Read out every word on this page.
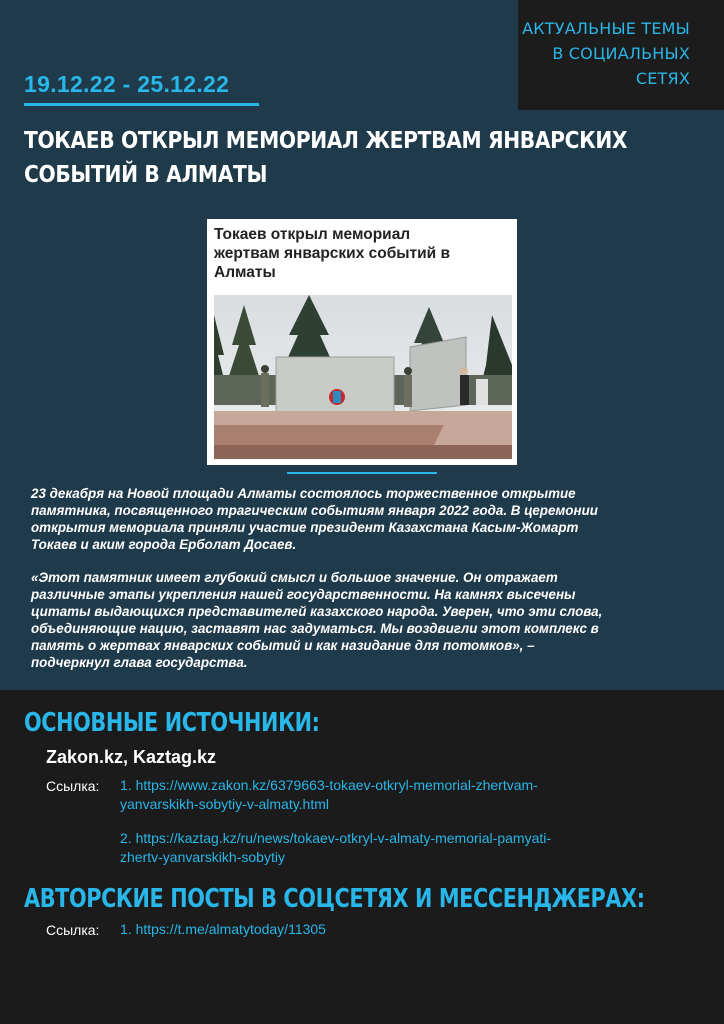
АКТУАЛЬНЫЕ ТЕМЫ
В СОЦИАЛЬНЫХ
СЕТЯХ
19.12.22 - 25.12.22
ТОКАЕВ ОТКРЫЛ МЕМОРИАЛ ЖЕРТВАМ ЯНВАРСКИХ
СОБЫТИЙ В АЛМАТЫ
Токаев открыл мемориал
жертвам январских событий в
Алматы
23 декабря на Новой площади Алматы состоялось торжественное открытие
памятника, посвященного трагическим событиям января 2022 года. В церемонии
открытия мемориала приняли участие президент Казахстана Касым-Жомарт
Токаев и аким города Ерболат Досаев.
«Этот памятник имеет глубокий смысл и большое значение. Он отражает
различные этапы укрепления нашей государственности. На камнях высечены
цитаты выдающихся представителей казахского народа. Уверен, что эти слова,
объединяющие нацию, заставят нас задуматься. Мы воздвигли этот комплекс в
память о жертвах январских событий и как назидание для потомков», –
подчеркнул глава государства.
ОСНОВНЫЕ ИСТОЧНИКИ:
Zakon.kz, Kaztag.kz
Ссылка: 1. https://www.zakon.kz/6379663-tokaev-otkryl-memorial-zhertvam-
yanvarskikh-sobytiy-v-almaty.html
2. https://kaztag.kz/ru/news/tokaev-otkryl-v-almaty-memorial-pamyati-
zhertv-yanvarskikh-sobytiy
АВТОРСКИЕ ПОСТЫ В СОЦСЕТЯХ И МЕССЕНДЖЕРАХ:
Ссылка: 1. https://t.me/almatytoday/11305
